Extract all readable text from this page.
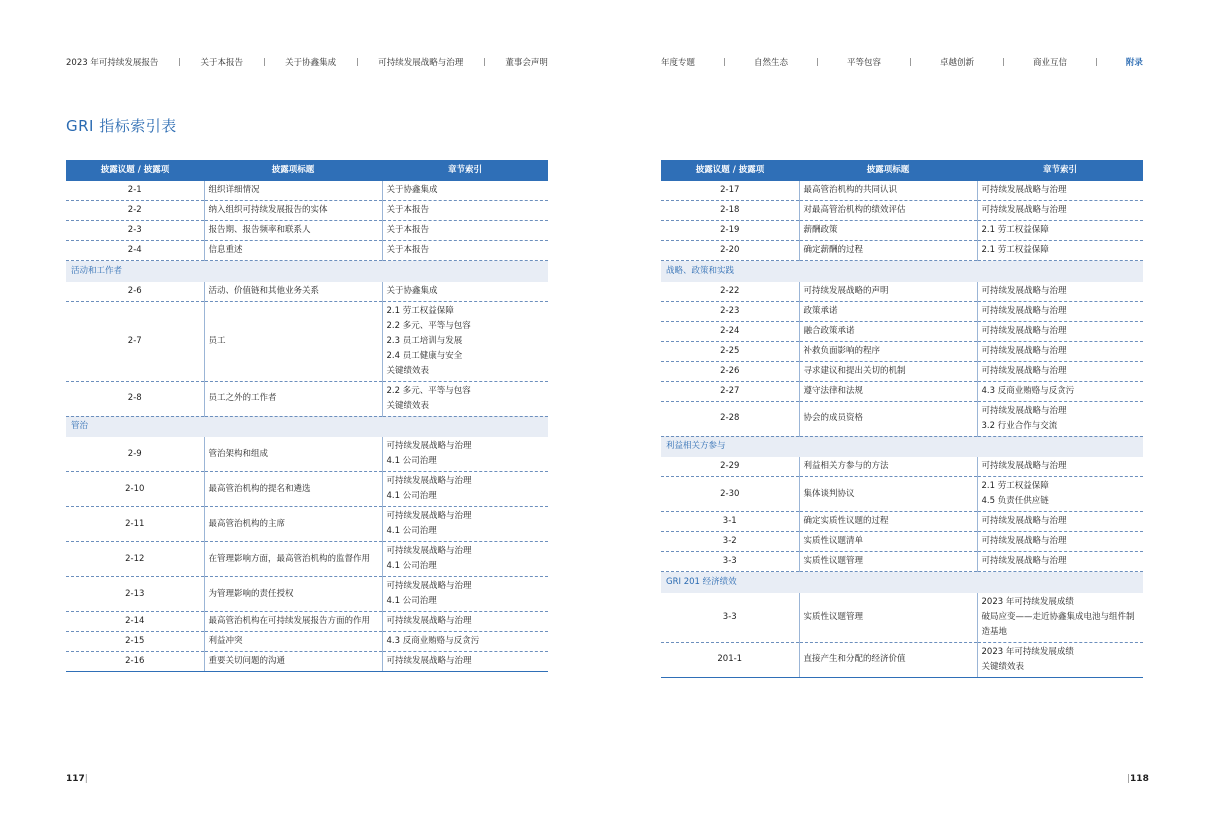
2023 年可持续发展报告	关于本报告	关于协鑫集成	可持续发展战略与治理	董事会声明	年度专题	自然生态	平等包容	卓越创新	商业互信	附录
GRI 指标索引表
披露议题 / 披露项	披露项标题	章节索引

2-1	组织详细情况	关于协鑫集成

2-2	纳入组织可持续发展报告的实体	关于本报告

2-3	报告期、报告频率和联系人	关于本报告

2-4	信息重述	关于本报告

活动和工作者		

2-6	活动、价值链和其他业务关系	关于协鑫集成

2-7	员工	2.1 劳工权益保障
2.2 多元、平等与包容
2.3 员工培训与发展
2.4 员工健康与安全
关键绩效表

2-8	员工之外的工作者	2.2 多元、平等与包容
关键绩效表

管治		

2-9	管治架构和组成	可持续发展战略与治理
4.1 公司治理

2-10	最高管治机构的提名和遴选	可持续发展战略与治理
4.1 公司治理

2-11	最高管治机构的主席	可持续发展战略与治理
4.1 公司治理

2-12	在管理影响方面，最高管治机构的监督作用	可持续发展战略与治理
4.1 公司治理

2-13	为管理影响的责任授权	可持续发展战略与治理
4.1 公司治理

2-14	最高管治机构在可持续发展报告方面的作用	可持续发展战略与治理

2-15	利益冲突	4.3 反商业贿赂与反贪污

2-16	重要关切问题的沟通	可持续发展战略与治理
披露议题 / 披露项	披露项标题	章节索引

2-17	最高管治机构的共同认识	可持续发展战略与治理

2-18	对最高管治机构的绩效评估	可持续发展战略与治理

2-19	薪酬政策	2.1 劳工权益保障

2-20	确定薪酬的过程	2.1 劳工权益保障

战略、政策和实践		

2-22	可持续发展战略的声明	可持续发展战略与治理

2-23	政策承诺	可持续发展战略与治理

2-24	融合政策承诺	可持续发展战略与治理

2-25	补救负面影响的程序	可持续发展战略与治理

2-26	寻求建议和提出关切的机制	可持续发展战略与治理

2-27	遵守法律和法规	4.3 反商业贿赂与反贪污

2-28	协会的成员资格	可持续发展战略与治理
3.2 行业合作与交流

利益相关方参与		

2-29	利益相关方参与的方法	可持续发展战略与治理

2-30	集体谈判协议	2.1 劳工权益保障
4.5 负责任供应链

3-1	确定实质性议题的过程	可持续发展战略与治理

3-2	实质性议题清单	可持续发展战略与治理

3-3	实质性议题管理	可持续发展战略与治理

GRI 201 经济绩效		

3-3	实质性议题管理	2023 年可持续发展成绩
破局应变——走近协鑫集成电池与组件制造基地

201-1	直接产生和分配的经济价值	2023 年可持续发展成绩
关键绩效表
117|	|118
